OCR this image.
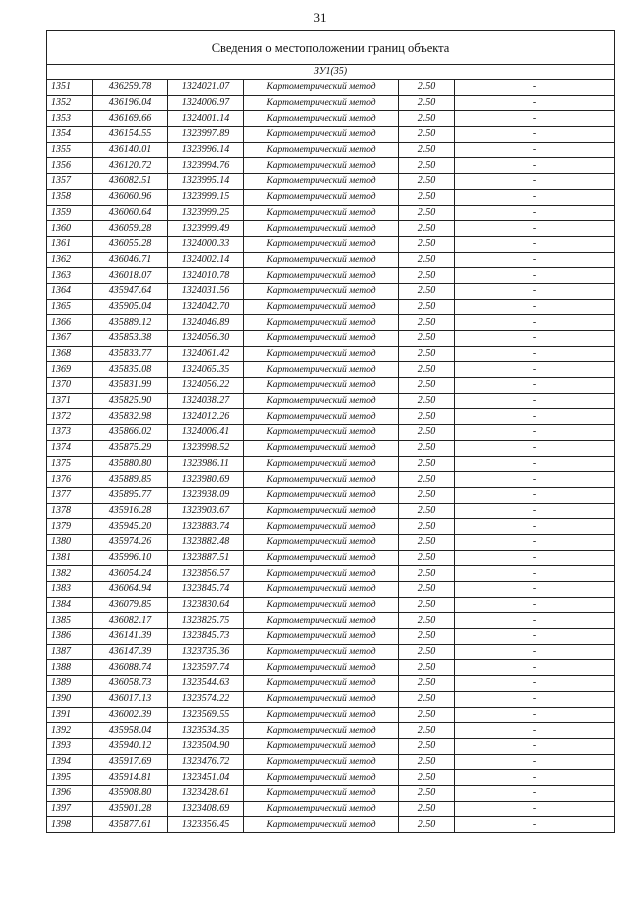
31
Сведения о местоположении границ объекта					
ЗУ1(35)					
1351	436259.78	1324021.07	Картометрический метод	2.50	-
1352	436196.04	1324006.97	Картометрический метод	2.50	-
1353	436169.66	1324001.14	Картометрический метод	2.50	-
1354	436154.55	1323997.89	Картометрический метод	2.50	-
1355	436140.01	1323996.14	Картометрический метод	2.50	-
1356	436120.72	1323994.76	Картометрический метод	2.50	-
1357	436082.51	1323995.14	Картометрический метод	2.50	-
1358	436060.96	1323999.15	Картометрический метод	2.50	-
1359	436060.64	1323999.25	Картометрический метод	2.50	-
1360	436059.28	1323999.49	Картометрический метод	2.50	-
1361	436055.28	1324000.33	Картометрический метод	2.50	-
1362	436046.71	1324002.14	Картометрический метод	2.50	-
1363	436018.07	1324010.78	Картометрический метод	2.50	-
1364	435947.64	1324031.56	Картометрический метод	2.50	-
1365	435905.04	1324042.70	Картометрический метод	2.50	-
1366	435889.12	1324046.89	Картометрический метод	2.50	-
1367	435853.38	1324056.30	Картометрический метод	2.50	-
1368	435833.77	1324061.42	Картометрический метод	2.50	-
1369	435835.08	1324065.35	Картометрический метод	2.50	-
1370	435831.99	1324056.22	Картометрический метод	2.50	-
1371	435825.90	1324038.27	Картометрический метод	2.50	-
1372	435832.98	1324012.26	Картометрический метод	2.50	-
1373	435866.02	1324006.41	Картометрический метод	2.50	-
1374	435875.29	1323998.52	Картометрический метод	2.50	-
1375	435880.80	1323986.11	Картометрический метод	2.50	-
1376	435889.85	1323980.69	Картометрический метод	2.50	-
1377	435895.77	1323938.09	Картометрический метод	2.50	-
1378	435916.28	1323903.67	Картометрический метод	2.50	-
1379	435945.20	1323883.74	Картометрический метод	2.50	-
1380	435974.26	1323882.48	Картометрический метод	2.50	-
1381	435996.10	1323887.51	Картометрический метод	2.50	-
1382	436054.24	1323856.57	Картометрический метод	2.50	-
1383	436064.94	1323845.74	Картометрический метод	2.50	-
1384	436079.85	1323830.64	Картометрический метод	2.50	-
1385	436082.17	1323825.75	Картометрический метод	2.50	-
1386	436141.39	1323845.73	Картометрический метод	2.50	-
1387	436147.39	1323735.36	Картометрический метод	2.50	-
1388	436088.74	1323597.74	Картометрический метод	2.50	-
1389	436058.73	1323544.63	Картометрический метод	2.50	-
1390	436017.13	1323574.22	Картометрический метод	2.50	-
1391	436002.39	1323569.55	Картометрический метод	2.50	-
1392	435958.04	1323534.35	Картометрический метод	2.50	-
1393	435940.12	1323504.90	Картометрический метод	2.50	-
1394	435917.69	1323476.72	Картометрический метод	2.50	-
1395	435914.81	1323451.04	Картометрический метод	2.50	-
1396	435908.80	1323428.61	Картометрический метод	2.50	-
1397	435901.28	1323408.69	Картометрический метод	2.50	-
1398	435877.61	1323356.45	Картометрический метод	2.50	-
